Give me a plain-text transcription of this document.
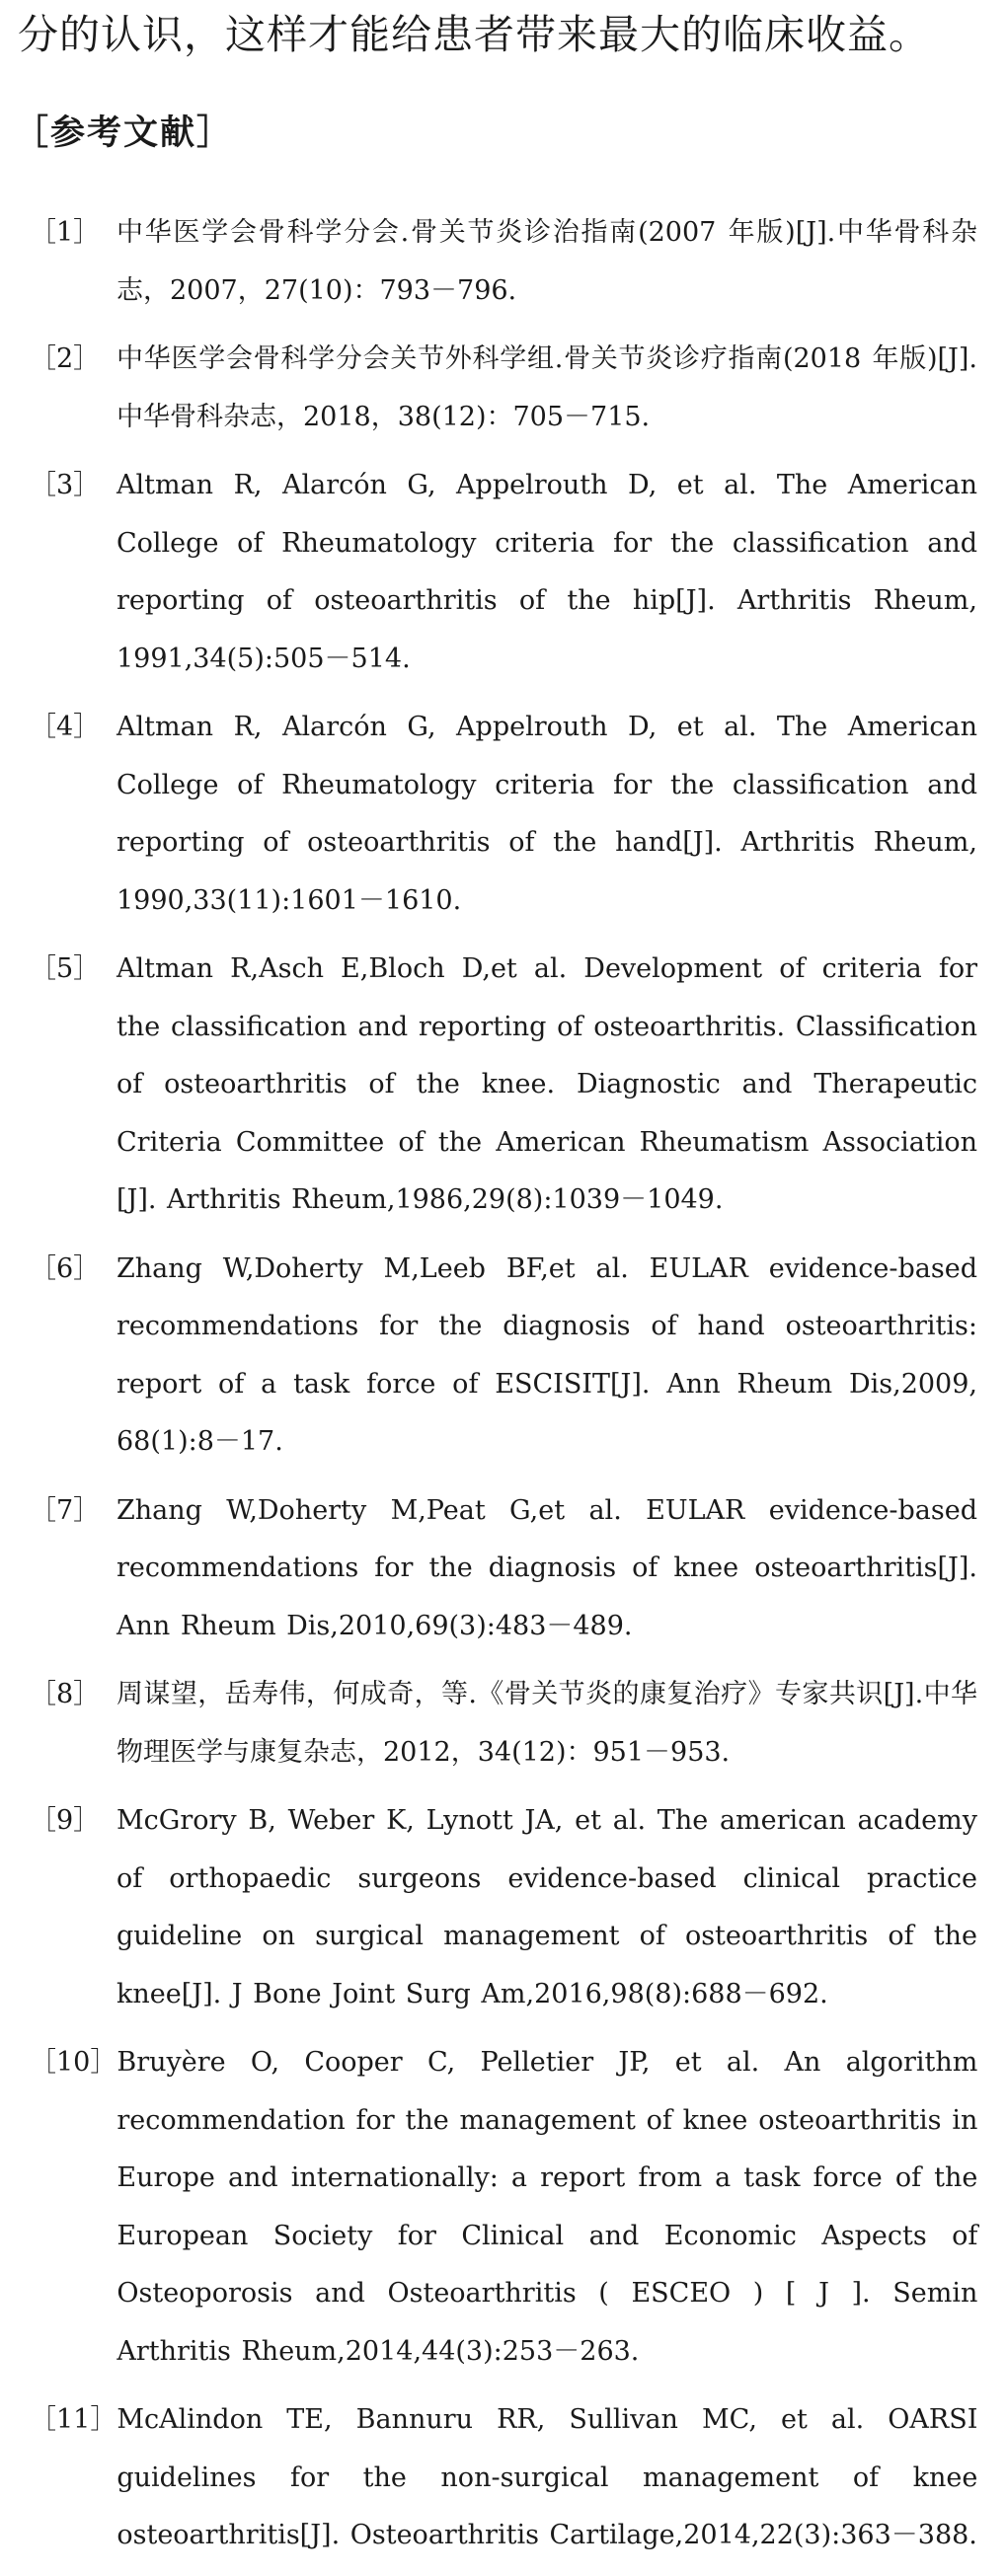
分的认识，这样才能给患者带来最大的临床收益。
［参考文献］
［1］ 中华医学会骨科学分会.骨关节炎诊治指南(2007 年版)[J].中华骨科杂志，2007，27(10)：793－796.
［2］ 中华医学会骨科学分会关节外科学组.骨关节炎诊疗指南(2018 年版)[J].中华骨科杂志，2018，38(12)：705－715.
［3］ Altman R, Alarcón G, Appelrouth D, et al. The American College of Rheumatology criteria for the classification and reporting of osteoarthritis of the hip[J]. Arthritis Rheum, 1991,34(5):505－514.
［4］ Altman R, Alarcón G, Appelrouth D, et al. The American College of Rheumatology criteria for the classification and reporting of osteoarthritis of the hand[J]. Arthritis Rheum, 1990,33(11):1601－1610.
［5］ Altman R,Asch E,Bloch D,et al. Development of criteria for the classification and reporting of osteoarthritis. Classification of osteoarthritis of the knee. Diagnostic and Therapeutic Criteria Committee of the American Rheumatism Association [J]. Arthritis Rheum,1986,29(8):1039－1049.
［6］ Zhang W,Doherty M,Leeb BF,et al. EULAR evidence-based recommendations for the diagnosis of hand osteoarthritis: report of a task force of ESCISIT[J]. Ann Rheum Dis,2009, 68(1):8－17.
［7］ Zhang W,Doherty M,Peat G,et al. EULAR evidence-based recommendations for the diagnosis of knee osteoarthritis[J]. Ann Rheum Dis,2010,69(3):483－489.
［8］ 周谋望，岳寿伟，何成奇，等.《骨关节炎的康复治疗》专家共识[J].中华物理医学与康复杂志，2012，34(12)：951－953.
［9］ McGrory B, Weber K, Lynott JA, et al. The american academy of orthopaedic surgeons evidence-based clinical practice guideline on surgical management of osteoarthritis of the knee[J]. J Bone Joint Surg Am,2016,98(8):688－692.
［10］ Bruyère O, Cooper C, Pelletier JP, et al. An algorithm recommendation for the management of knee osteoarthritis in Europe and internationally: a report from a task force of the European Society for Clinical and Economic Aspects of Osteoporosis and Osteoarthritis ( ESCEO ) [ J ]. Semin Arthritis Rheum,2014,44(3):253－263.
［11］ McAlindon TE, Bannuru RR, Sullivan MC, et al. OARSI guidelines for the non-surgical management of knee osteoarthritis[J]. Osteoarthritis Cartilage,2014,22(3):363－388.
